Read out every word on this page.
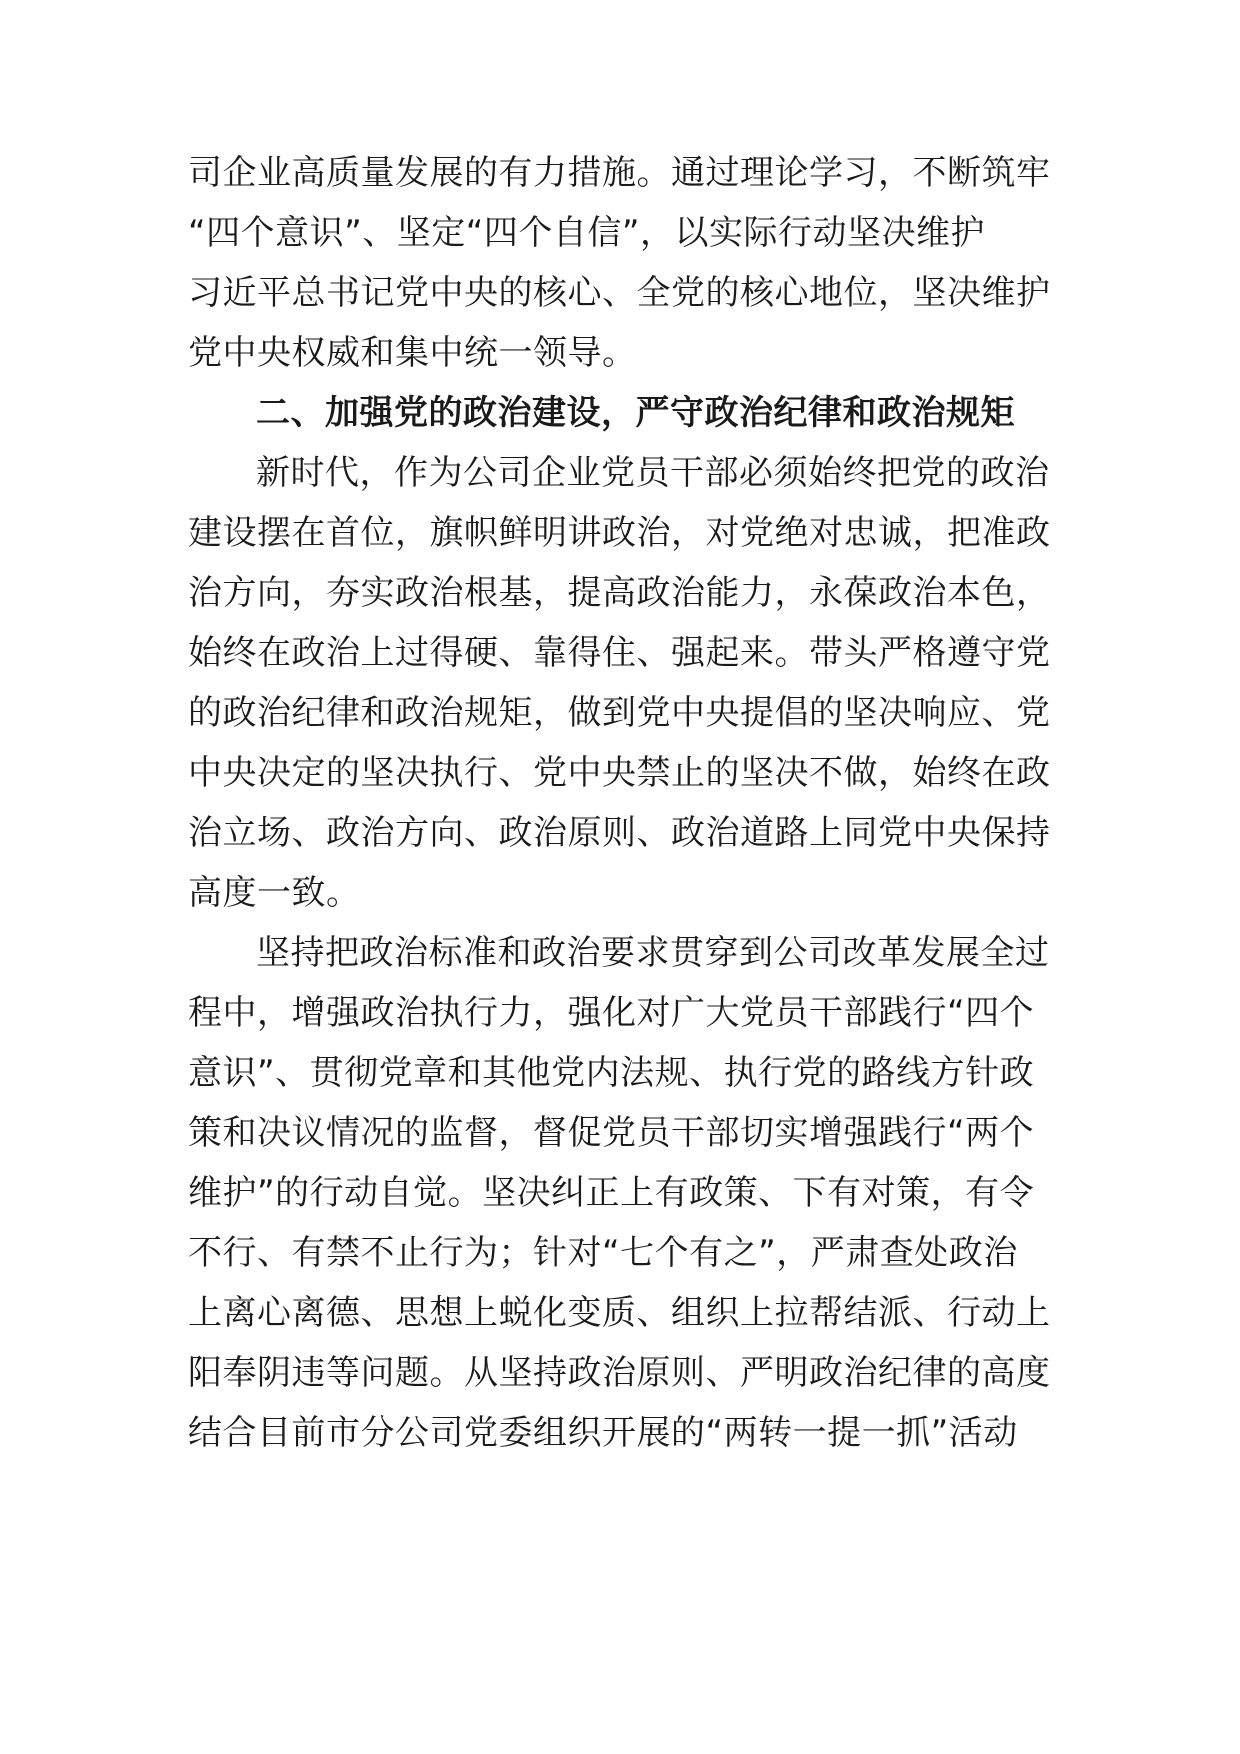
司企业高质量发展的有力措施。通过理论学习，不断筑牢
“四个意识”、坚定“四个自信”，以实际行动坚决维护
习近平总书记党中央的核心、全党的核心地位，坚决维护
党中央权威和集中统一领导。
二、加强党的政治建设，严守政治纪律和政治规矩
新时代，作为公司企业党员干部必须始终把党的政治
建设摆在首位，旗帜鲜明讲政治，对党绝对忠诚，把准政
治方向，夯实政治根基，提高政治能力，永葆政治本色，
始终在政治上过得硬、靠得住、强起来。带头严格遵守党
的政治纪律和政治规矩，做到党中央提倡的坚决响应、党
中央决定的坚决执行、党中央禁止的坚决不做，始终在政
治立场、政治方向、政治原则、政治道路上同党中央保持
高度一致。
坚持把政治标准和政治要求贯穿到公司改革发展全过
程中，增强政治执行力，强化对广大党员干部践行“四个
意识”、贯彻党章和其他党内法规、执行党的路线方针政
策和决议情况的监督，督促党员干部切实增强践行“两个
维护”的行动自觉。坚决纠正上有政策、下有对策，有令
不行、有禁不止行为；针对“七个有之”，严肃查处政治
上离心离德、思想上蜕化变质、组织上拉帮结派、行动上
阳奉阴违等问题。从坚持政治原则、严明政治纪律的高度
结合目前市分公司党委组织开展的“两转一提一抓”活动
